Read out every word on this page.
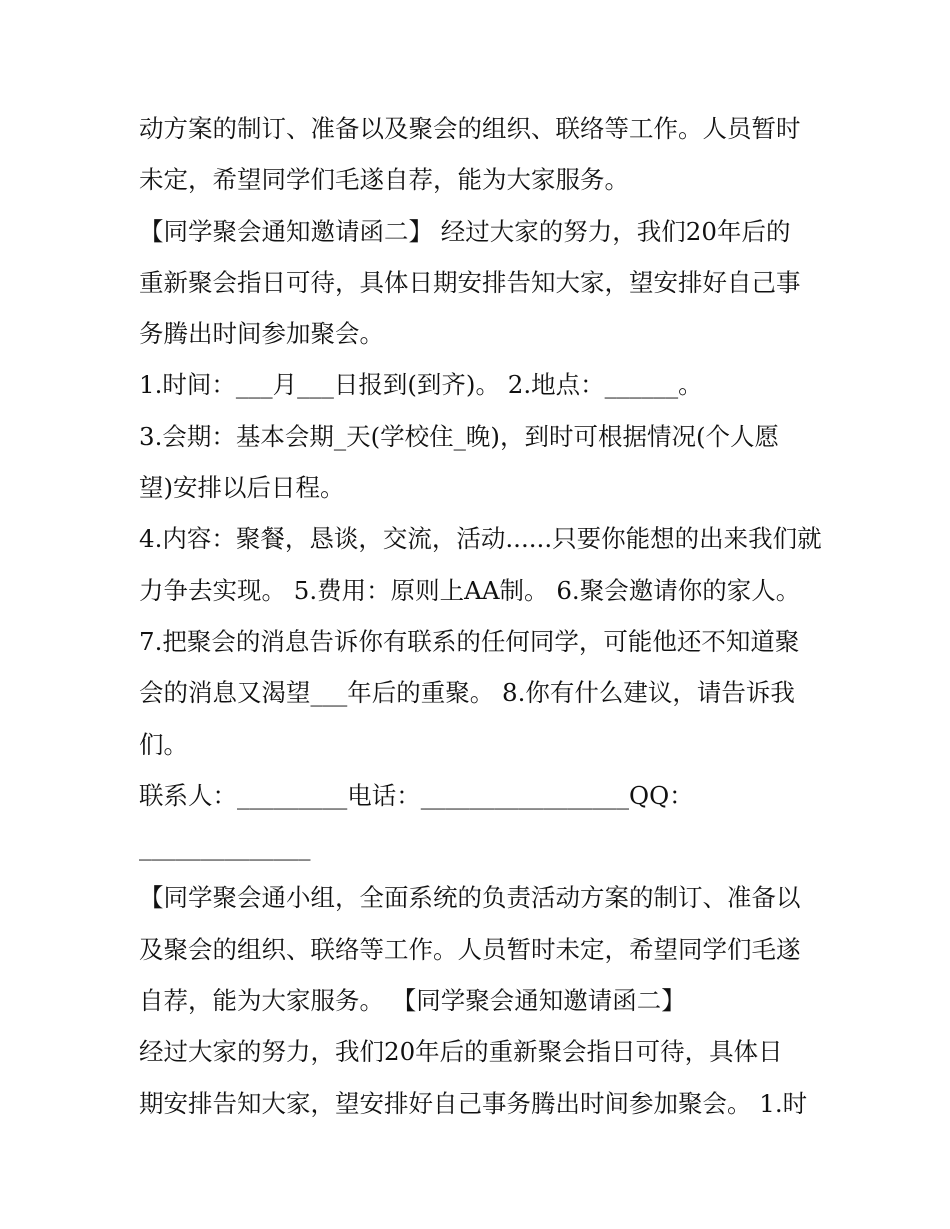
动方案的制订、准备以及聚会的组织、联络等工作。人员暂时
未定，希望同学们毛遂自荐，能为大家服务。
【同学聚会通知邀请函二】 经过大家的努力，我们20年后的
重新聚会指日可待，具体日期安排告知大家，望安排好自己事
务腾出时间参加聚会。
1.时间：___月___日报到(到齐)。 2.地点：______。
3.会期：基本会期_天(学校住_晚)，到时可根据情况(个人愿
望)安排以后日程。
4.内容：聚餐，恳谈，交流，活动......只要你能想的出来我们就
力争去实现。 5.费用：原则上AA制。 6.聚会邀请你的家人。
7.把聚会的消息告诉你有联系的任何同学，可能他还不知道聚
会的消息又渴望___年后的重聚。 8.你有什么建议，请告诉我
们。
联系人：_________电话：_________________QQ：
______________
【同学聚会通小组，全面系统的负责活动方案的制订、准备以
及聚会的组织、联络等工作。人员暂时未定，希望同学们毛遂
自荐，能为大家服务。 【同学聚会通知邀请函二】
经过大家的努力，我们20年后的重新聚会指日可待，具体日
期安排告知大家，望安排好自己事务腾出时间参加聚会。 1.时
